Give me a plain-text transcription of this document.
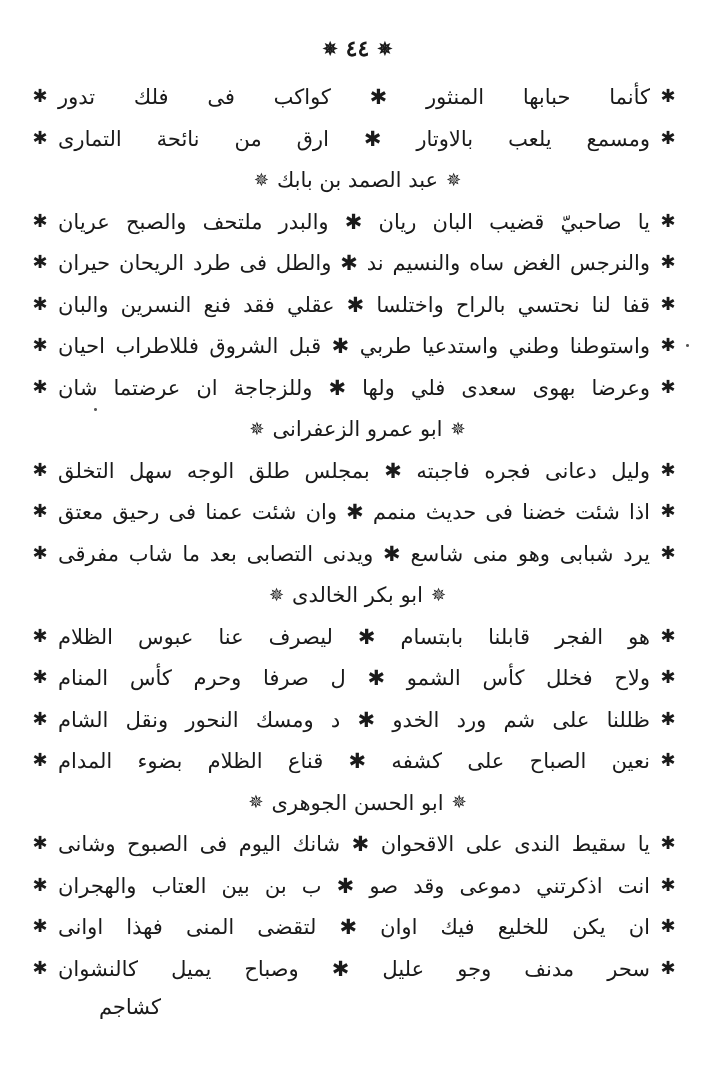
✵ ٤٤ ✵
✱
كأنما حبابها المنثور ✱ كواكب فى فلك تدور
✱
✱
ومسمع يلعب بالاوتار ✱ ارق من نائحة التمارى
✱
✵
عبد الصمد بن بابك
✵
✱
يا صاحبيّ قضيب البان ريان ✱ والبدر ملتحف والصبح عريان
✱
✱
والنرجس الغض ساه والنسيم ند ✱ والطل فى طرد الريحان حيران
✱
✱
قفا لنا نحتسي بالراح واختلسا ✱ عقلي فقد فنع النسرين والبان
✱
✱
واستوطنا وطني واستدعيا طربي ✱ قبل الشروق فللاطراب احيان
✱
✱
وعرضا بهوى سعدى فلي ولها ✱ وللزجاجة ان عرضتما شان
✱
✵
ابو عمرو الزعفرانى
✵
✱
وليل دعانى فجره فاجبته ✱ بمجلس طلق الوجه سهل التخلق
✱
✱
اذا شئت خضنا فى حديث منمم ✱ وان شئت عمنا فى رحيق معتق
✱
✱
يرد شبابى وهو منى شاسع ✱ ويدنى التصابى بعد ما شاب مفرقى
✱
✵
ابو بكر الخالدى
✵
✱
هو الفجر قابلنا بابتسام ✱ ليصرف عنا عبوس الظلام
✱
✱
ولاح فخلل كأس الشمو ✱ ل صرفا وحرم كأس المنام
✱
✱
ظللنا على شم ورد الخدو ✱ د ومسك النحور ونقل الشام
✱
✱
نعين الصباح على كشفه ✱ قناع الظلام بضوء المدام
✱
✵
ابو الحسن الجوهرى
✵
✱
يا سقيط الندى على الاقحوان ✱ شانك اليوم فى الصبوح وشانى
✱
✱
انت اذكرتني دموعى وقد صو ✱ ب بن بين العتاب والهجران
✱
✱
ان يكن للخليع فيك اوان ✱ لتقضى المنى فهذا اوانى
✱
✱
سحر مدنف وجو عليل ✱ وصباح يميل كالنشوان
✱
كشاجم
